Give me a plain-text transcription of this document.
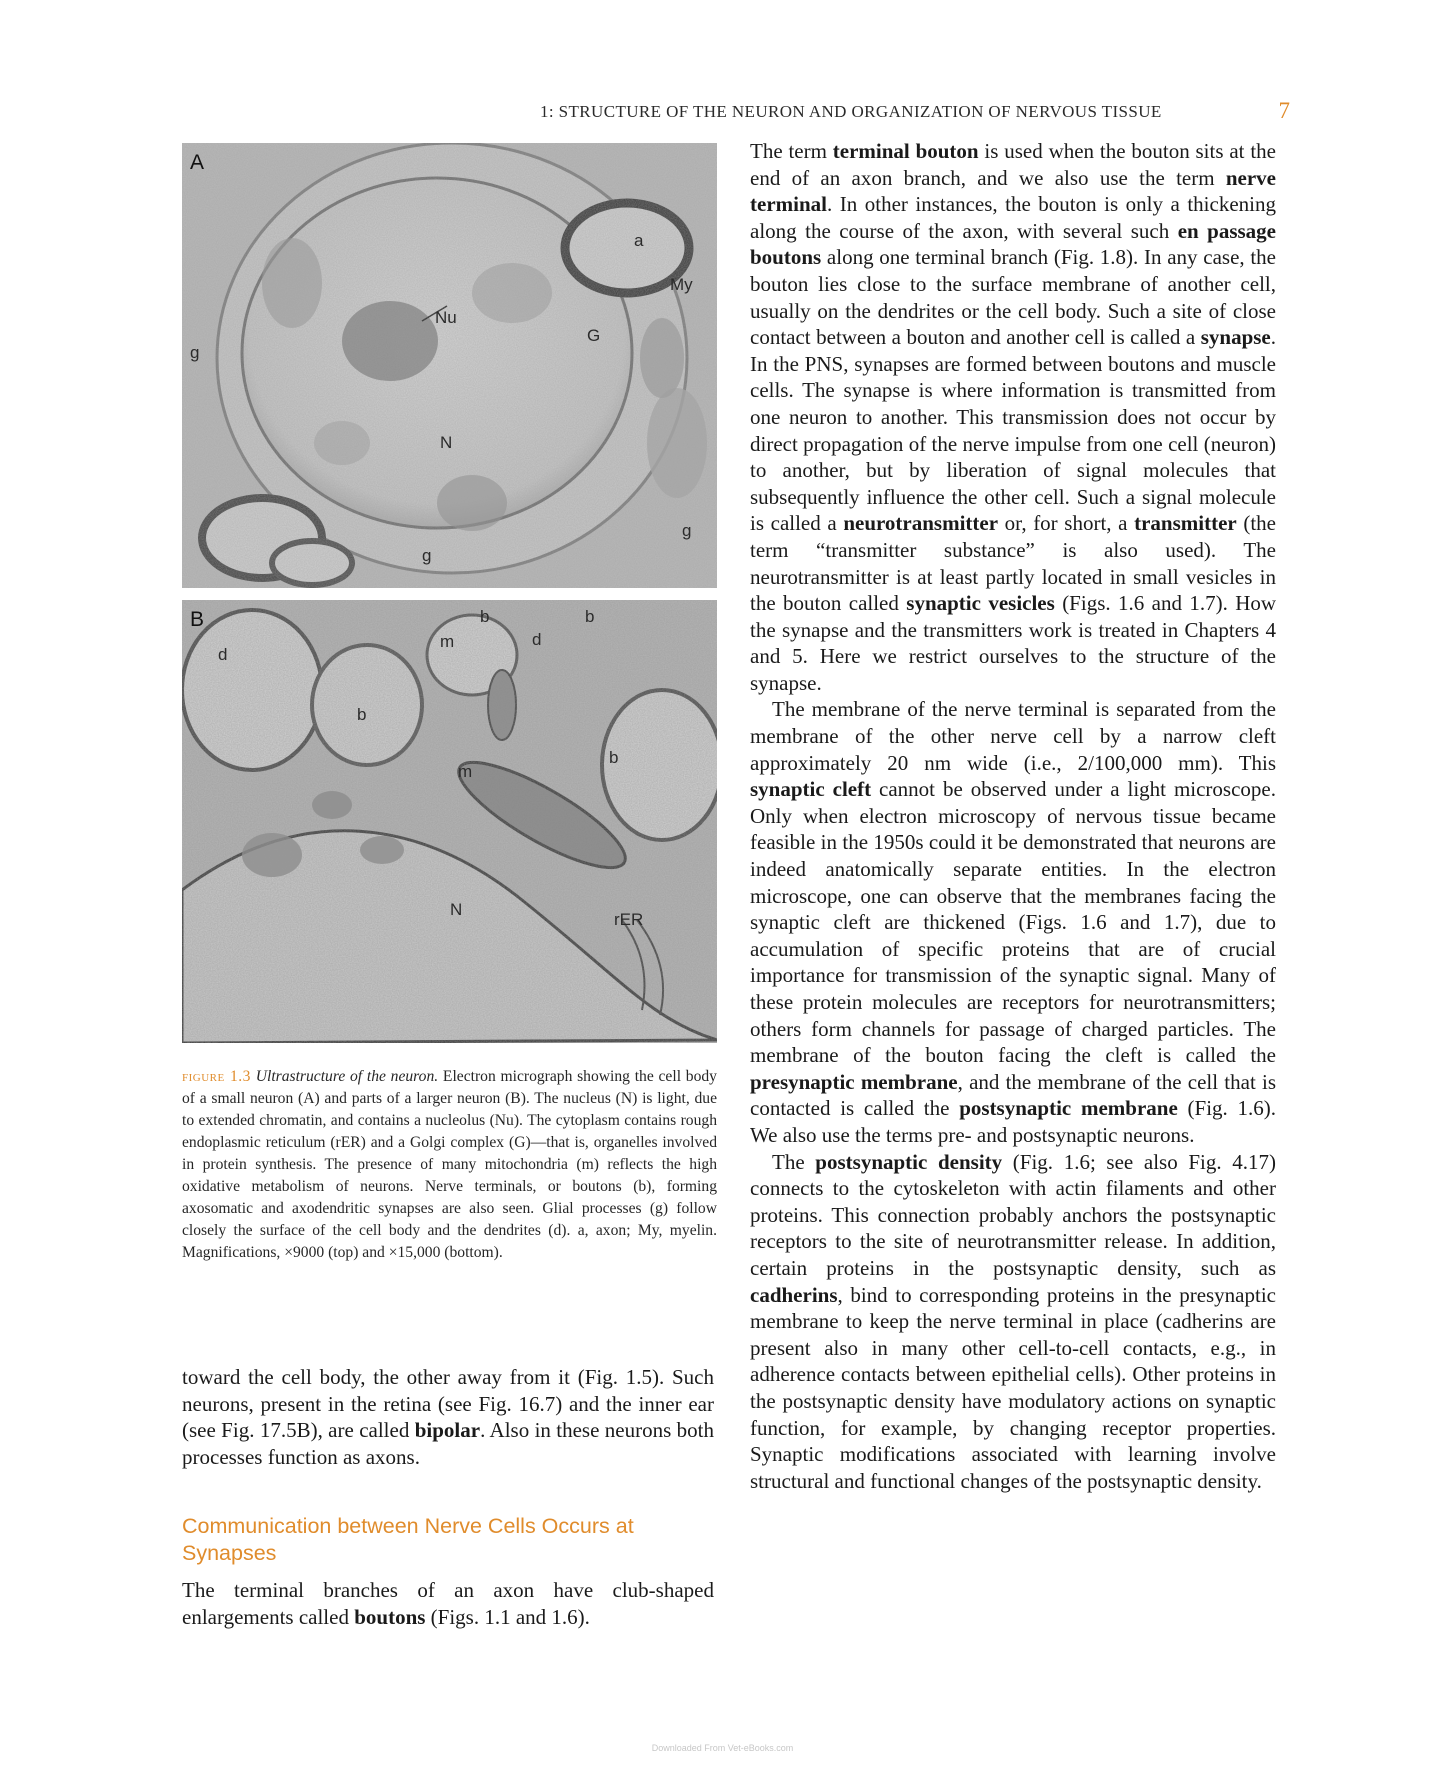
1: STRUCTURE OF THE NEURON AND ORGANIZATION OF NERVOUS TISSUE	7
A
a
My
Nu
g
G
N
g
g
B
d
b
m	d
b
b
m
b
N
rER
figure 1.3 Ultrastructure of the neuron. Electron micrograph showing the cell body of a small neuron (A) and parts of a larger neuron (B). The nucleus (N) is light, due to extended chromatin, and contains a nucleolus (Nu). The cytoplasm contains rough endoplasmic reticulum (rER) and a Golgi complex (G)—that is, organelles involved in protein synthesis. The presence of many mitochondria (m) reflects the high oxidative metabolism of neurons. Nerve terminals, or boutons (b), forming axosomatic and axodendritic synapses are also seen. Glial processes (g) follow closely the surface of the cell body and the dendrites (d). a, axon; My, myelin. Magnifications, ×9000 (top) and ×15,000 (bottom).

toward the cell body, the other away from it (Fig. 1.5). Such neurons, present in the retina (see Fig. 16.7) and the inner ear (see Fig. 17.5B), are called bipolar. Also in these neurons both processes function as axons.

Communication between Nerve Cells Occurs at Synapses

The terminal branches of an axon have club-shaped enlargements called boutons (Figs. 1.1 and 1.6).

The term terminal bouton is used when the bouton sits at the end of an axon branch, and we also use the term nerve terminal. In other instances, the bouton is only a thickening along the course of the axon, with several such en passage boutons along one terminal branch (Fig. 1.8). In any case, the bouton lies close to the surface membrane of another cell, usually on the dendrites or the cell body. Such a site of close contact between a bouton and another cell is called a synapse. In the PNS, synapses are formed between boutons and muscle cells. The synapse is where information is transmitted from one neuron to another. This transmission does not occur by direct propagation of the nerve impulse from one cell (neuron) to another, but by liberation of signal molecules that subsequently influence the other cell. Such a signal molecule is called a neurotransmitter or, for short, a transmitter (the term “transmitter substance” is also used). The neurotransmitter is at least partly located in small vesicles in the bouton called synaptic vesicles (Figs. 1.6 and 1.7). How the synapse and the transmitters work is treated in Chapters 4 and 5. Here we restrict ourselves to the structure of the synapse.

The membrane of the nerve terminal is separated from the membrane of the other nerve cell by a narrow cleft approximately 20 nm wide (i.e., 2/100,000 mm). This synaptic cleft cannot be observed under a light microscope. Only when electron microscopy of nervous tissue became feasible in the 1950s could it be demonstrated that neurons are indeed anatomically separate entities. In the electron microscope, one can observe that the membranes facing the synaptic cleft are thickened (Figs. 1.6 and 1.7), due to accumulation of specific proteins that are of crucial importance for transmission of the synaptic signal. Many of these protein molecules are receptors for neurotransmitters; others form channels for passage of charged particles. The membrane of the bouton facing the cleft is called the presynaptic membrane, and the membrane of the cell that is contacted is called the postsynaptic membrane (Fig. 1.6). We also use the terms pre- and postsynaptic neurons.

The postsynaptic density (Fig. 1.6; see also Fig. 4.17) connects to the cytoskeleton with actin filaments and other proteins. This connection probably anchors the postsynaptic receptors to the site of neurotransmitter release. In addition, certain proteins in the postsynaptic density, such as cadherins, bind to corresponding proteins in the presynaptic membrane to keep the nerve terminal in place (cadherins are present also in many other cell-to-cell contacts, e.g., in adherence contacts between epithelial cells). Other proteins in the postsynaptic density have modulatory actions on synaptic function, for example, by changing receptor properties. Synaptic modifications associated with learning involve structural and functional changes of the postsynaptic density.

Downloaded From Vet-eBooks.com
